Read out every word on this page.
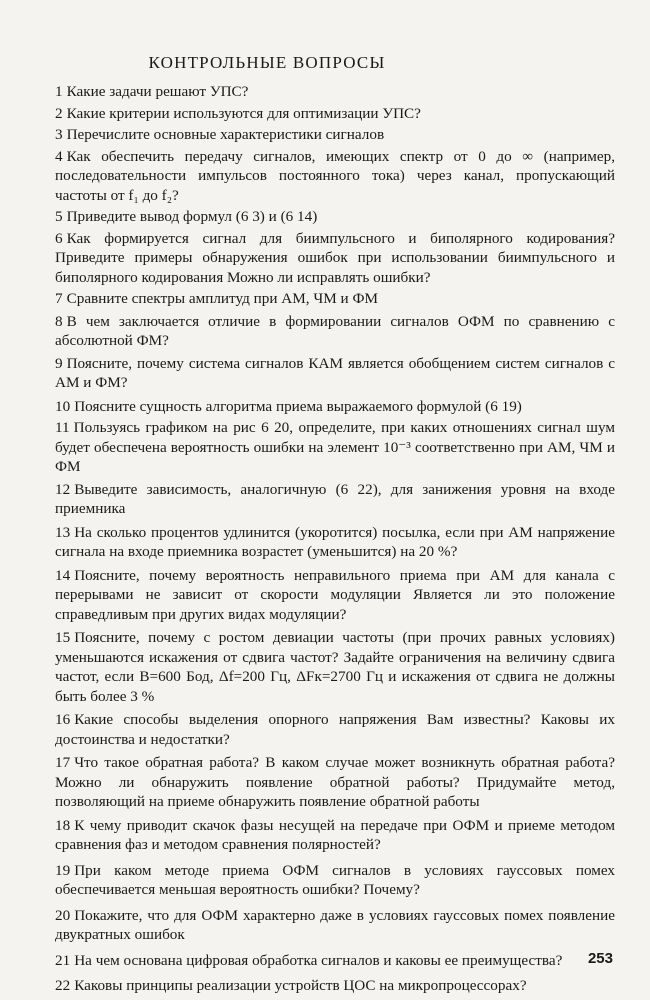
КОНТРОЛЬНЫЕ ВОПРОСЫ
1 Какие задачи решают УПС?
2 Какие критерии используются для оптимизации УПС?
3 Перечислите основные характеристики сигналов
4 Как обеспечить передачу сигналов, имеющих спектр от 0 до ∞ (например, последовательности импульсов постоянного тока) через канал, пропускающий частоты от f₁ до f₂?
5 Приведите вывод формул (6 3) и (6 14)
6 Как формируется сигнал для биимпульсного и биполярного кодирования? Приведите примеры обнаружения ошибок при использовании биимпульсного и биполярного кодирования Можно ли исправлять ошибки?
7 Сравните спектры амплитуд при АМ, ЧМ и ФМ
8 В чем заключается отличие в формировании сигналов ОФМ по сравнению с абсолютной ФМ?
9 Поясните, почему система сигналов КАМ является обобщением систем сигналов с АМ и ФМ?
10 Поясните сущность алгоритма приема выражаемого формулой (6 19)
11 Пользуясь графиком на рис 6 20, определите, при каких отношениях сигнал шум будет обеспечена вероятность ошибки на элемент 10⁻³ соответственно при АМ, ЧМ и ФМ
12 Выведите зависимость, аналогичную (6 22), для занижения уровня на входе приемника
13 На сколько процентов удлинится (укоротится) посылка, если при АМ напряжение сигнала на входе приемника возрастет (уменьшится) на 20 %?
14 Поясните, почему вероятность неправильного приема при АМ для канала с перерывами не зависит от скорости модуляции Является ли это положение справедливым при других видах модуляции?
15 Поясните, почему с ростом девиации частоты (при прочих равных условиях) уменьшаются искажения от сдвига частот? Задайте ограничения на величину сдвига частот, если B=600 Бод, Δf=200 Гц, ΔFк=2700 Гц и искажения от сдвига не должны быть более 3 %
16 Какие способы выделения опорного напряжения Вам известны? Каковы их достоинства и недостатки?
17 Что такое обратная работа? В каком случае может возникнуть обратная работа? Можно ли обнаружить появление обратной работы? Придумайте метод, позволяющий на приеме обнаружить появление обратной работы
18 К чему приводит скачок фазы несущей на передаче при ОФМ и приеме методом сравнения фаз и методом сравнения полярностей?
19 При каком методе приема ОФМ сигналов в условиях гауссовых помех обеспечивается меньшая вероятность ошибки? Почему?
20 Покажите, что для ОФМ характерно даже в условиях гауссовых помех появление двукратных ошибок
21 На чем основана цифровая обработка сигналов и каковы ее преимущества?
22 Каковы принципы реализации устройств ЦОС на микропроцессорах?
253
